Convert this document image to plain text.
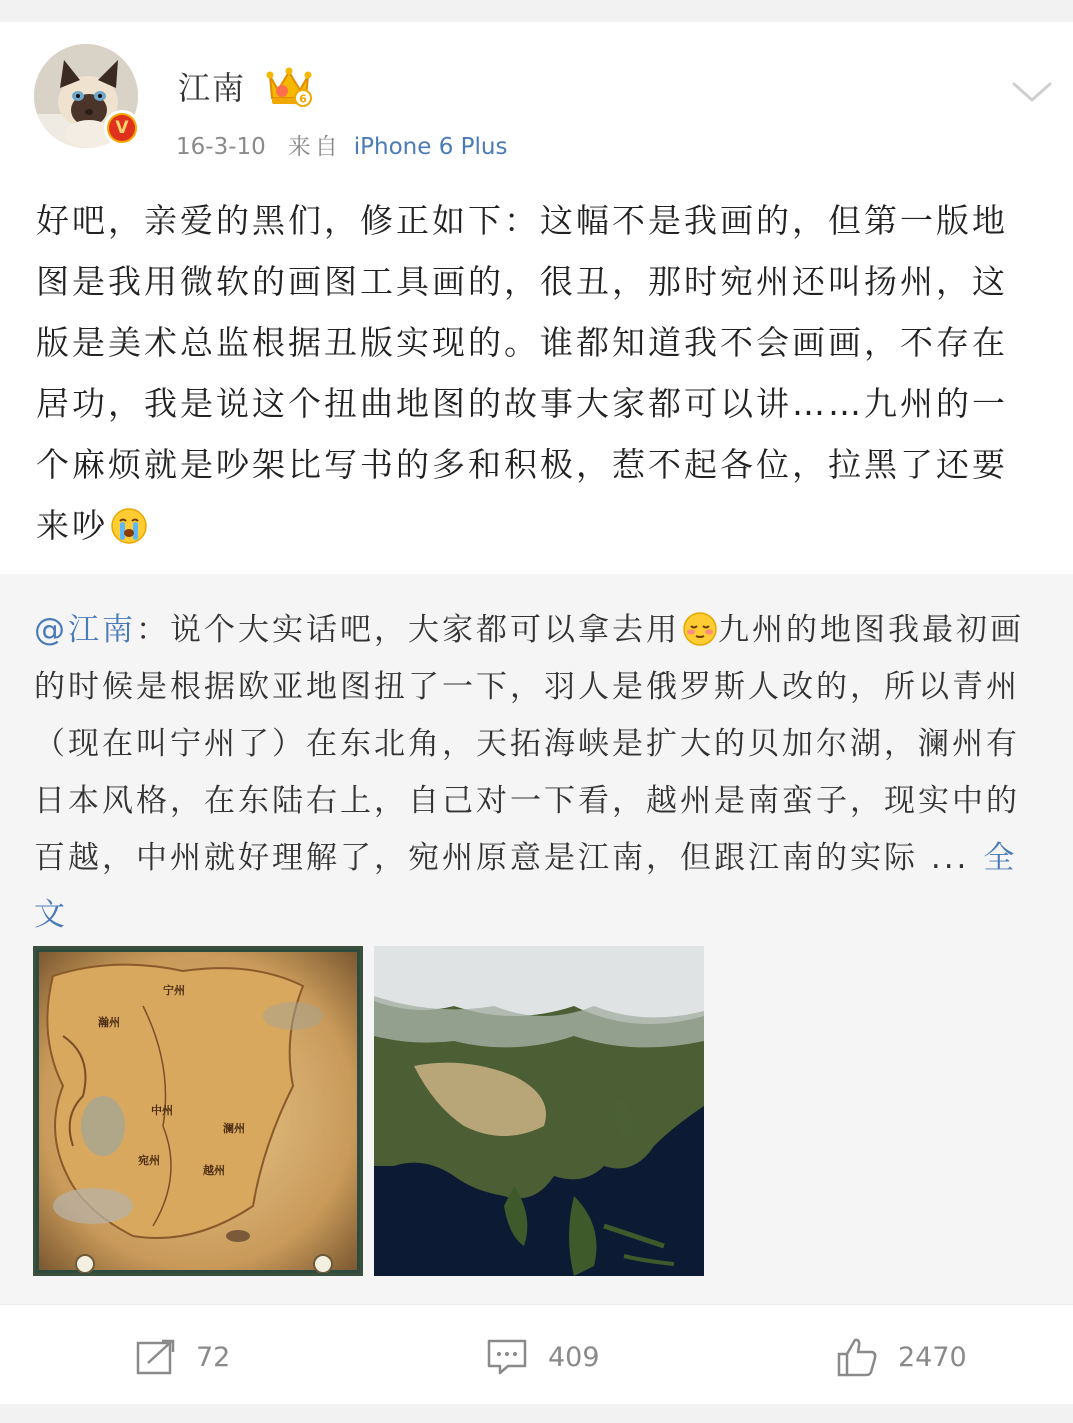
V
江南	6
16-3-10 来自 iPhone 6 Plus
好吧，亲爱的黑们，修正如下：这幅不是我画的，但第一版地图是我用微软的画图工具画的，很丑，那时宛州还叫扬州，这版是美术总监根据丑版实现的。谁都知道我不会画画，不存在居功，我是说这个扭曲地图的故事大家都可以讲……九州的一个麻烦就是吵架比写书的多和积极，惹不起各位，拉黑了还要来吵
@江南：说个大实话吧，大家都可以拿去用 九州的地图我最初画的时候是根据欧亚地图扭了一下，羽人是俄罗斯人改的，所以青州（现在叫宁州了）在东北角，天拓海峡是扩大的贝加尔湖，澜州有日本风格，在东陆右上，自己对一下看，越州是南蛮子，现实中的百越，中州就好理解了，宛州原意是江南，但跟江南的实际 ... 全文
宁州
瀚州
中州
澜州
宛州
越州
72	409	2470
